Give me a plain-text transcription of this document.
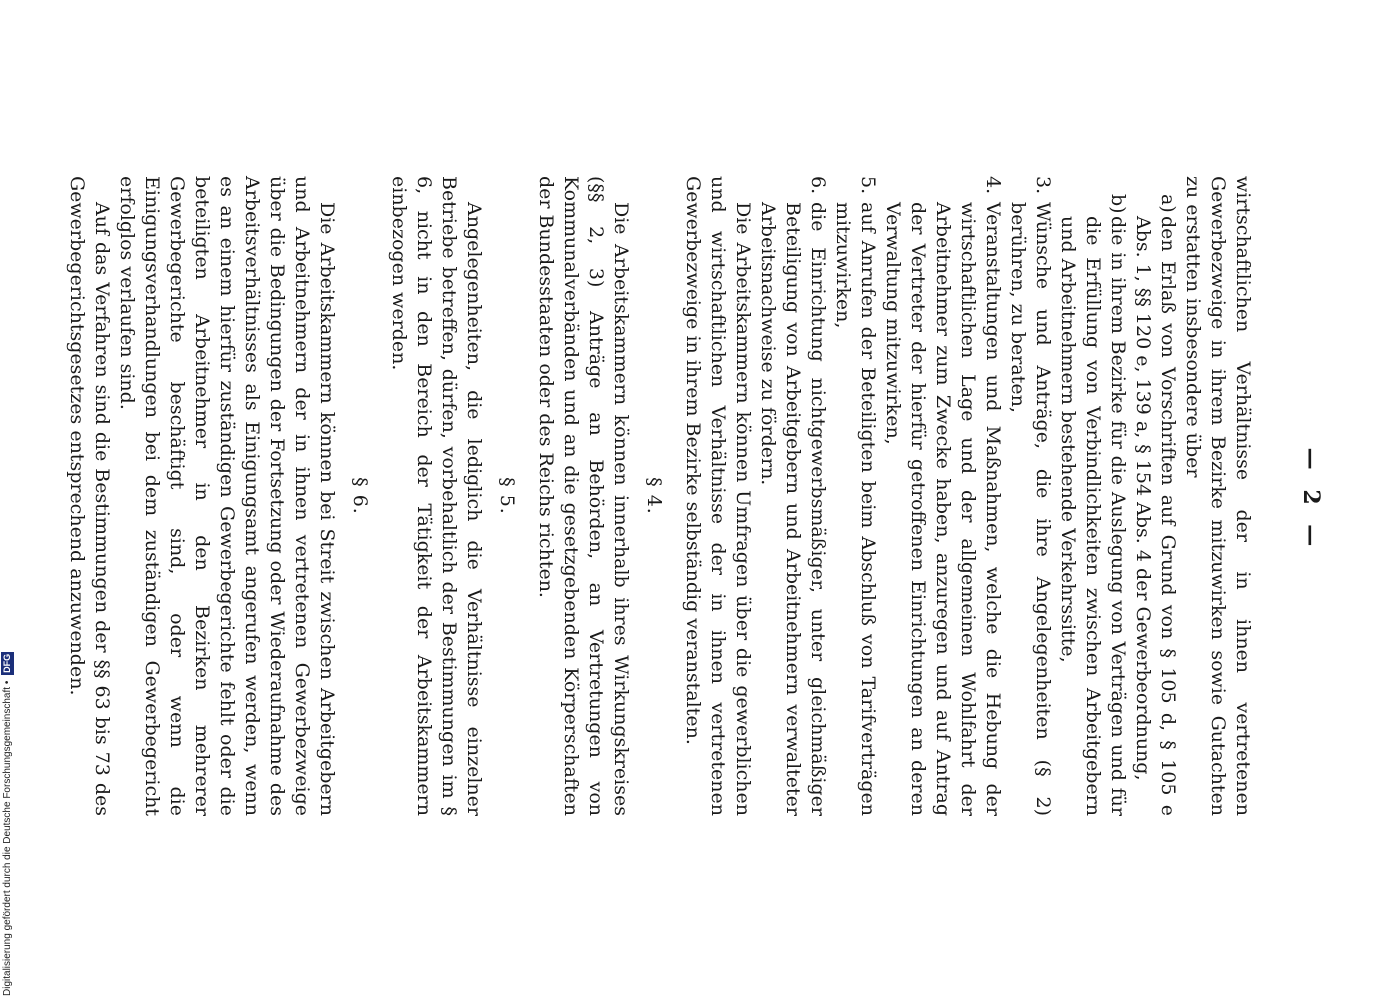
— 2 —

wirtschaftlichen Verhältnisse der in ihnen vertretenen Gewerbezweige in ihrem Bezirke mitzuwirken sowie Gutachten zu erstatten insbesondere über

a)
den Erlaß von Vorschriften auf Grund von § 105 d, § 105 e Abs. 1, §§ 120 e, 139 a, § 154 Abs. 4 der Gewerbeordnung,
b)
die in ihrem Bezirke für die Auslegung von Verträgen und für die Erfüllung von Verbindlichkeiten zwischen Arbeitgebern und Arbeitnehmern bestehende Verkehrssitte,
3.
Wünsche und Anträge, die ihre Angelegenheiten (§ 2) berühren, zu beraten,
4.
Veranstaltungen und Maßnahmen, welche die Hebung der wirtschaftlichen Lage und der allgemeinen Wohlfahrt der Arbeitnehmer zum Zwecke haben, anzuregen und auf Antrag der Vertreter der hierfür getroffenen Einrichtungen an deren Verwaltung mitzuwirken,
5.
auf Anrufen der Beteiligten beim Abschluß von Tarifverträgen mitzuwirken,
6.
die Einrichtung nichtgewerbsmäßiger, unter gleichmäßiger Beteiligung von Arbeitgebern und Arbeitnehmern verwalteter Arbeitsnachweise zu fördern.

Die Arbeitskammern können Umfragen über die gewerblichen und wirtschaftlichen Verhältnisse der in ihnen vertretenen Gewerbezweige in ihrem Bezirke selbständig veranstalten.

§ 4.

Die Arbeitskammern können innerhalb ihres Wirkungskreises (§§ 2, 3) Anträge an Behörden, an Vertretungen von Kommunalverbänden und an die gesetzgebenden Körperschaften der Bundesstaaten oder des Reichs richten.

§ 5.

Angelegenheiten, die lediglich die Verhältnisse einzelner Betriebe betreffen, dürfen, vorbehaltlich der Bestimmungen im § 6, nicht in den Bereich der Tätigkeit der Arbeitskammern einbezogen werden.

§ 6.

Die Arbeitskammern können bei Streit zwischen Arbeitgebern und Arbeitnehmern der in ihnen vertretenen Gewerbezweige über die Bedingungen der Fortsetzung oder Wiederaufnahme des Arbeitsverhältnisses als Einigungsamt angerufen werden, wenn es an einem hierfür zuständigen Gewerbegerichte fehlt oder die beteiligten Arbeitnehmer in den Bezirken mehrerer Gewerbegerichte beschäftigt sind, oder wenn die Einigungsverhandlungen bei dem zuständigen Gewerbegericht erfolglos verlaufen sind.

Auf das Verfahren sind die Bestimmungen der §§ 63 bis 73 des Gewerbegerichtsgesetzes entsprechend anzuwenden.

Digitalisierung gefördert durch die Deutsche Forschungsgemeinschaft
•
DFG
